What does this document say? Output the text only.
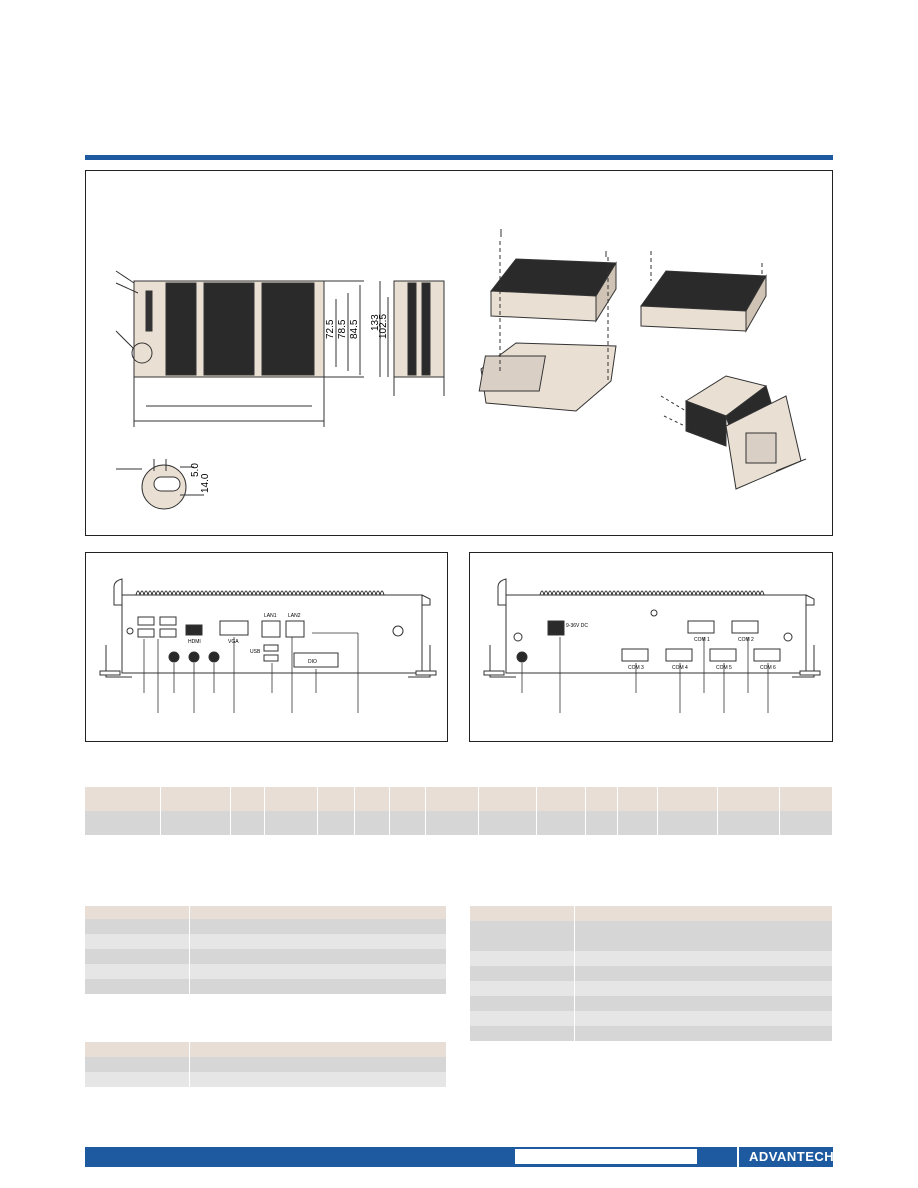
72.5 78.5 84.5 133
102.5
5.0
14.0
LAN1 LAN2
HDMI	VGA
USB
DIO
9-36V DC
COM 1	COM 2
COM 3	COM 4	COM 5	COM 6

ADVANTECH
